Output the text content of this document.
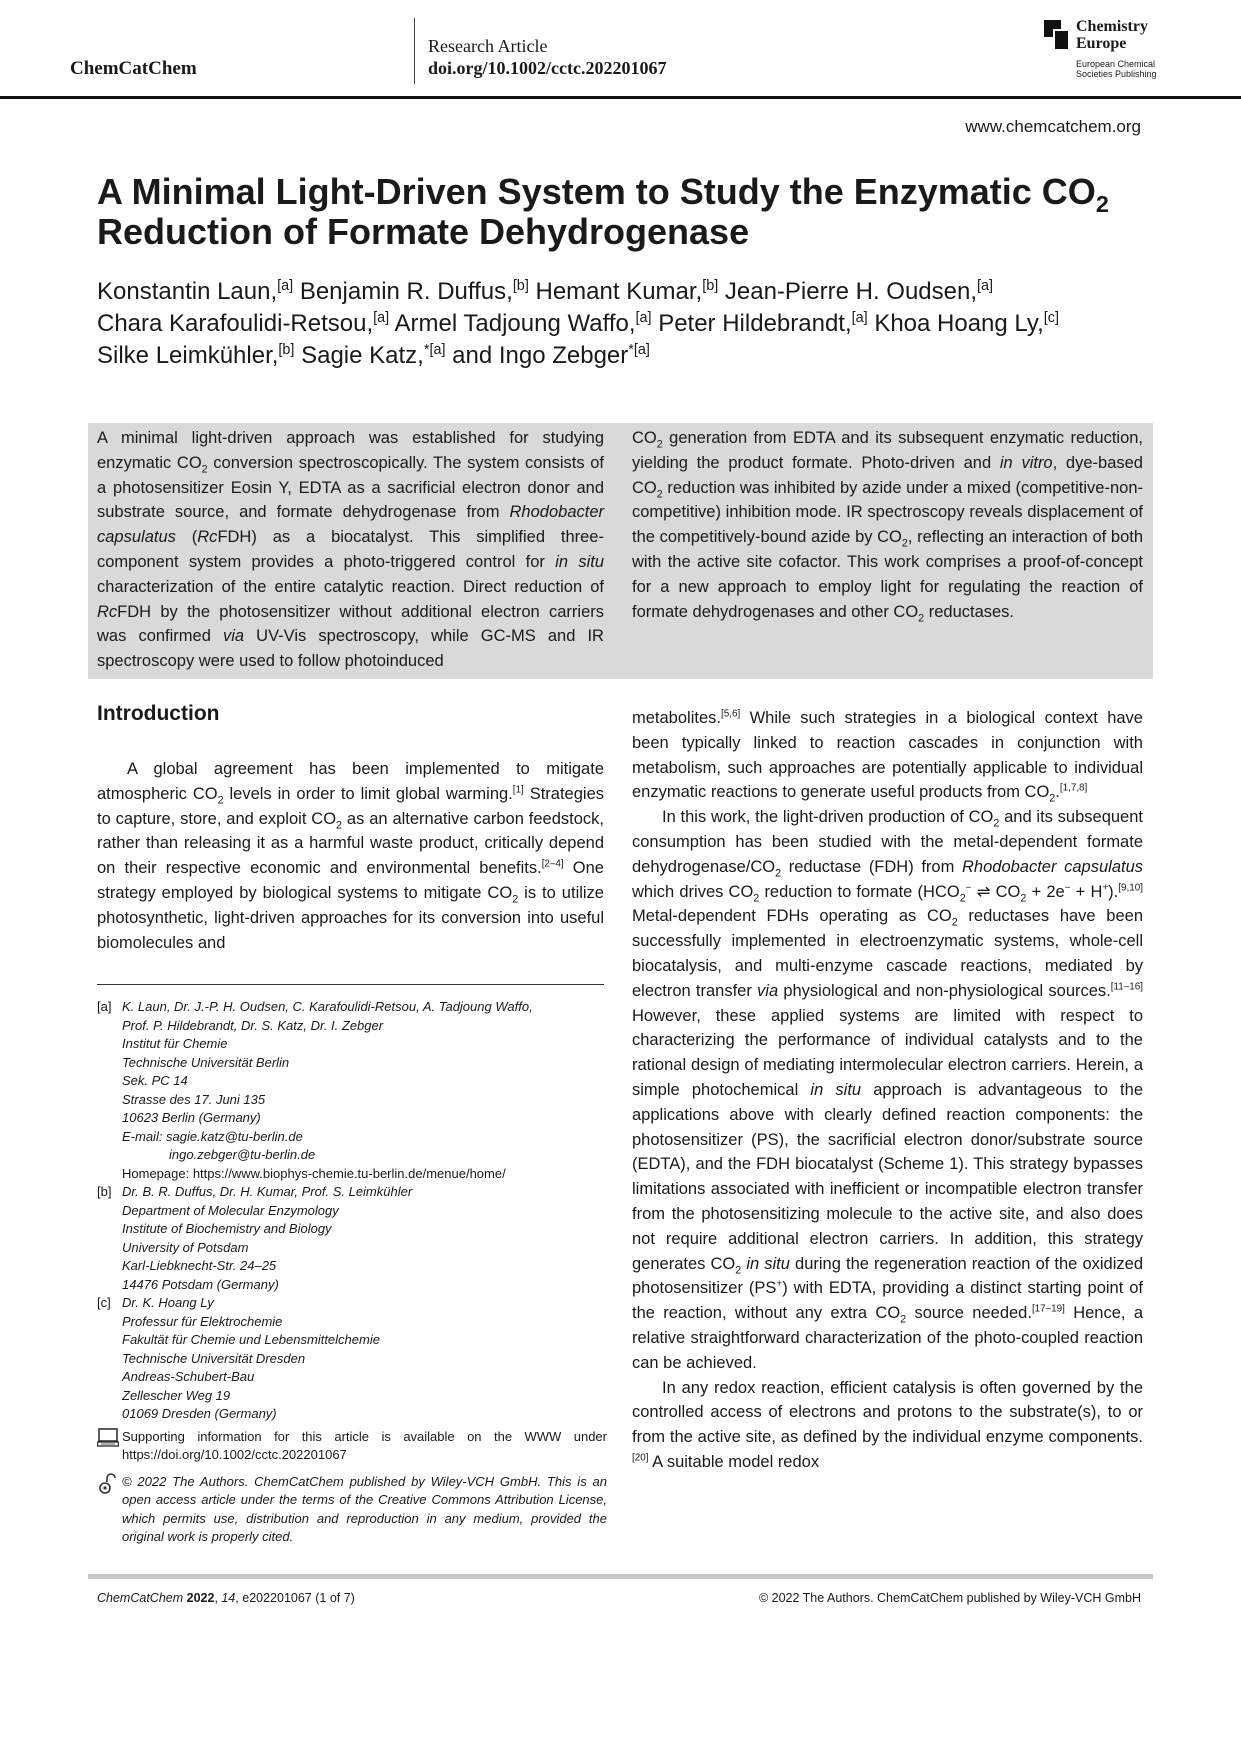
ChemCatChem
Research Article
doi.org/10.1002/cctc.202201067
Chemistry
Europe
European Chemical
Societies Publishing
www.chemcatchem.org
A Minimal Light-Driven System to Study the Enzymatic $CO_2$
Reduction of Formate Dehydrogenase
Konstantin Laun,[a] Benjamin R. Duffus,[b] Hemant Kumar,[b] Jean-Pierre H. Oudsen,[a]
Chara Karafoulidi-Retsou,[a] Armel Tadjoung Waffo,[a] Peter Hildebrandt,[a] Khoa Hoang Ly,[c]
Silke Leimkühler,[b] Sagie Katz,$^{*[a]}$ and Ingo Zebger$^{*[a]}$
A minimal light-driven approach was established for studying enzymatic $CO_2$ conversion spectroscopically. The system consists of a photosensitizer Eosin Y, EDTA as a sacrificial electron donor and substrate source, and formate dehydrogenase from Rhodobacter capsulatus (RcFDH) as a biocatalyst. This simplified three-component system provides a photo-triggered control for in situ characterization of the entire catalytic reaction. Direct reduction of RcFDH by the photosensitizer without additional electron carriers was confirmed via UV-Vis spectroscopy, while GC-MS and IR spectroscopy were used to follow photoinduced
$CO_2$ generation from EDTA and its subsequent enzymatic reduction, yielding the product formate. Photo-driven and in vitro, dye-based $CO_2$ reduction was inhibited by azide under a mixed (competitive-non-competitive) inhibition mode. IR spectroscopy reveals displacement of the competitively-bound azide by $CO_2$, reflecting an interaction of both with the active site cofactor. This work comprises a proof-of-concept for a new approach to employ light for regulating the reaction of formate dehydrogenases and other $CO_2$ reductases.
Introduction

A global agreement has been implemented to mitigate atmospheric $CO_2$ levels in order to limit global warming.[1] Strategies to capture, store, and exploit $CO_2$ as an alternative carbon feedstock, rather than releasing it as a harmful waste product, critically depend on their respective economic and environmental benefits.[2–4] One strategy employed by biological systems to mitigate $CO_2$ is to utilize photosynthetic, light-driven approaches for its conversion into useful biomolecules and

metabolites.[5,6] While such strategies in a biological context have been typically linked to reaction cascades in conjunction with metabolism, such approaches are potentially applicable to individual enzymatic reactions to generate useful products from $CO_2.[1,7,8]$

In this work, the light-driven production of $CO_2$ and its subsequent consumption has been studied with the metal-dependent formate dehydrogenase/$CO_2$ reductase (FDH) from Rhodobacter capsulatus which drives $CO_2$ reduction to formate ($HCO_2^-$ ⇌ $CO_2 + 2e^- + H^+).[9,10]$ Metal-dependent FDHs operating as $CO_2$ reductases have been successfully implemented in electroenzymatic systems, whole-cell biocatalysis, and multi-enzyme cascade reactions, mediated by electron transfer via physiological and non-physiological sources.[11–16] However, these applied systems are limited with respect to characterizing the performance of individual catalysts and to the rational design of mediating intermolecular electron carriers. Herein, a simple photochemical in situ approach is advantageous to the applications above with clearly defined reaction components: the photosensitizer (PS), the sacrificial electron donor/substrate source (EDTA), and the FDH biocatalyst (Scheme 1). This strategy bypasses limitations associated with inefficient or incompatible electron transfer from the photosensitizing molecule to the active site, and also does not require additional electron carriers. In addition, this strategy generates $CO_2$ in situ during the regeneration reaction of the oxidized photosensitizer (PS+) with EDTA, providing a distinct starting point of the reaction, without any extra $CO_2$ source needed.[17–19] Hence, a relative straightforward characterization of the photo-coupled reaction can be achieved.

In any redox reaction, efficient catalysis is often governed by the controlled access of electrons and protons to the substrate(s), to or from the active site, as defined by the individual enzyme components.[20] A suitable model redox

[a] K. Laun, Dr. J.-P. H. Oudsen, C. Karafoulidi-Retsou, A. Tadjoung Waffo,
Prof. P. Hildebrandt, Dr. S. Katz, Dr. I. Zebger
Institut für Chemie
Technische Universität Berlin
Sek. PC 14
Strasse des 17. Juni 135
10623 Berlin (Germany)
E-mail: sagie.katz@tu-berlin.de
ingo.zebger@tu-berlin.de
Homepage: https://www.biophys-chemie.tu-berlin.de/menue/home/
[b] Dr. B. R. Duffus, Dr. H. Kumar, Prof. S. Leimkühler
Department of Molecular Enzymology
Institute of Biochemistry and Biology
University of Potsdam
Karl-Liebknecht-Str. 24–25
14476 Potsdam (Germany)
[c] Dr. K. Hoang Ly
Professur für Elektrochemie
Fakultät für Chemie und Lebensmittelchemie
Technische Universität Dresden
Andreas-Schubert-Bau
Zellescher Weg 19
01069 Dresden (Germany)
Supporting information for this article is available on the WWW under https://doi.org/10.1002/cctc.202201067
© 2022 The Authors. ChemCatChem published by Wiley-VCH GmbH. This is an open access article under the terms of the Creative Commons Attribution License, which permits use, distribution and reproduction in any medium, provided the original work is properly cited.
ChemCatChem 2022, 14, e202201067 (1 of 7)	© 2022 The Authors. ChemCatChem published by Wiley-VCH GmbH
